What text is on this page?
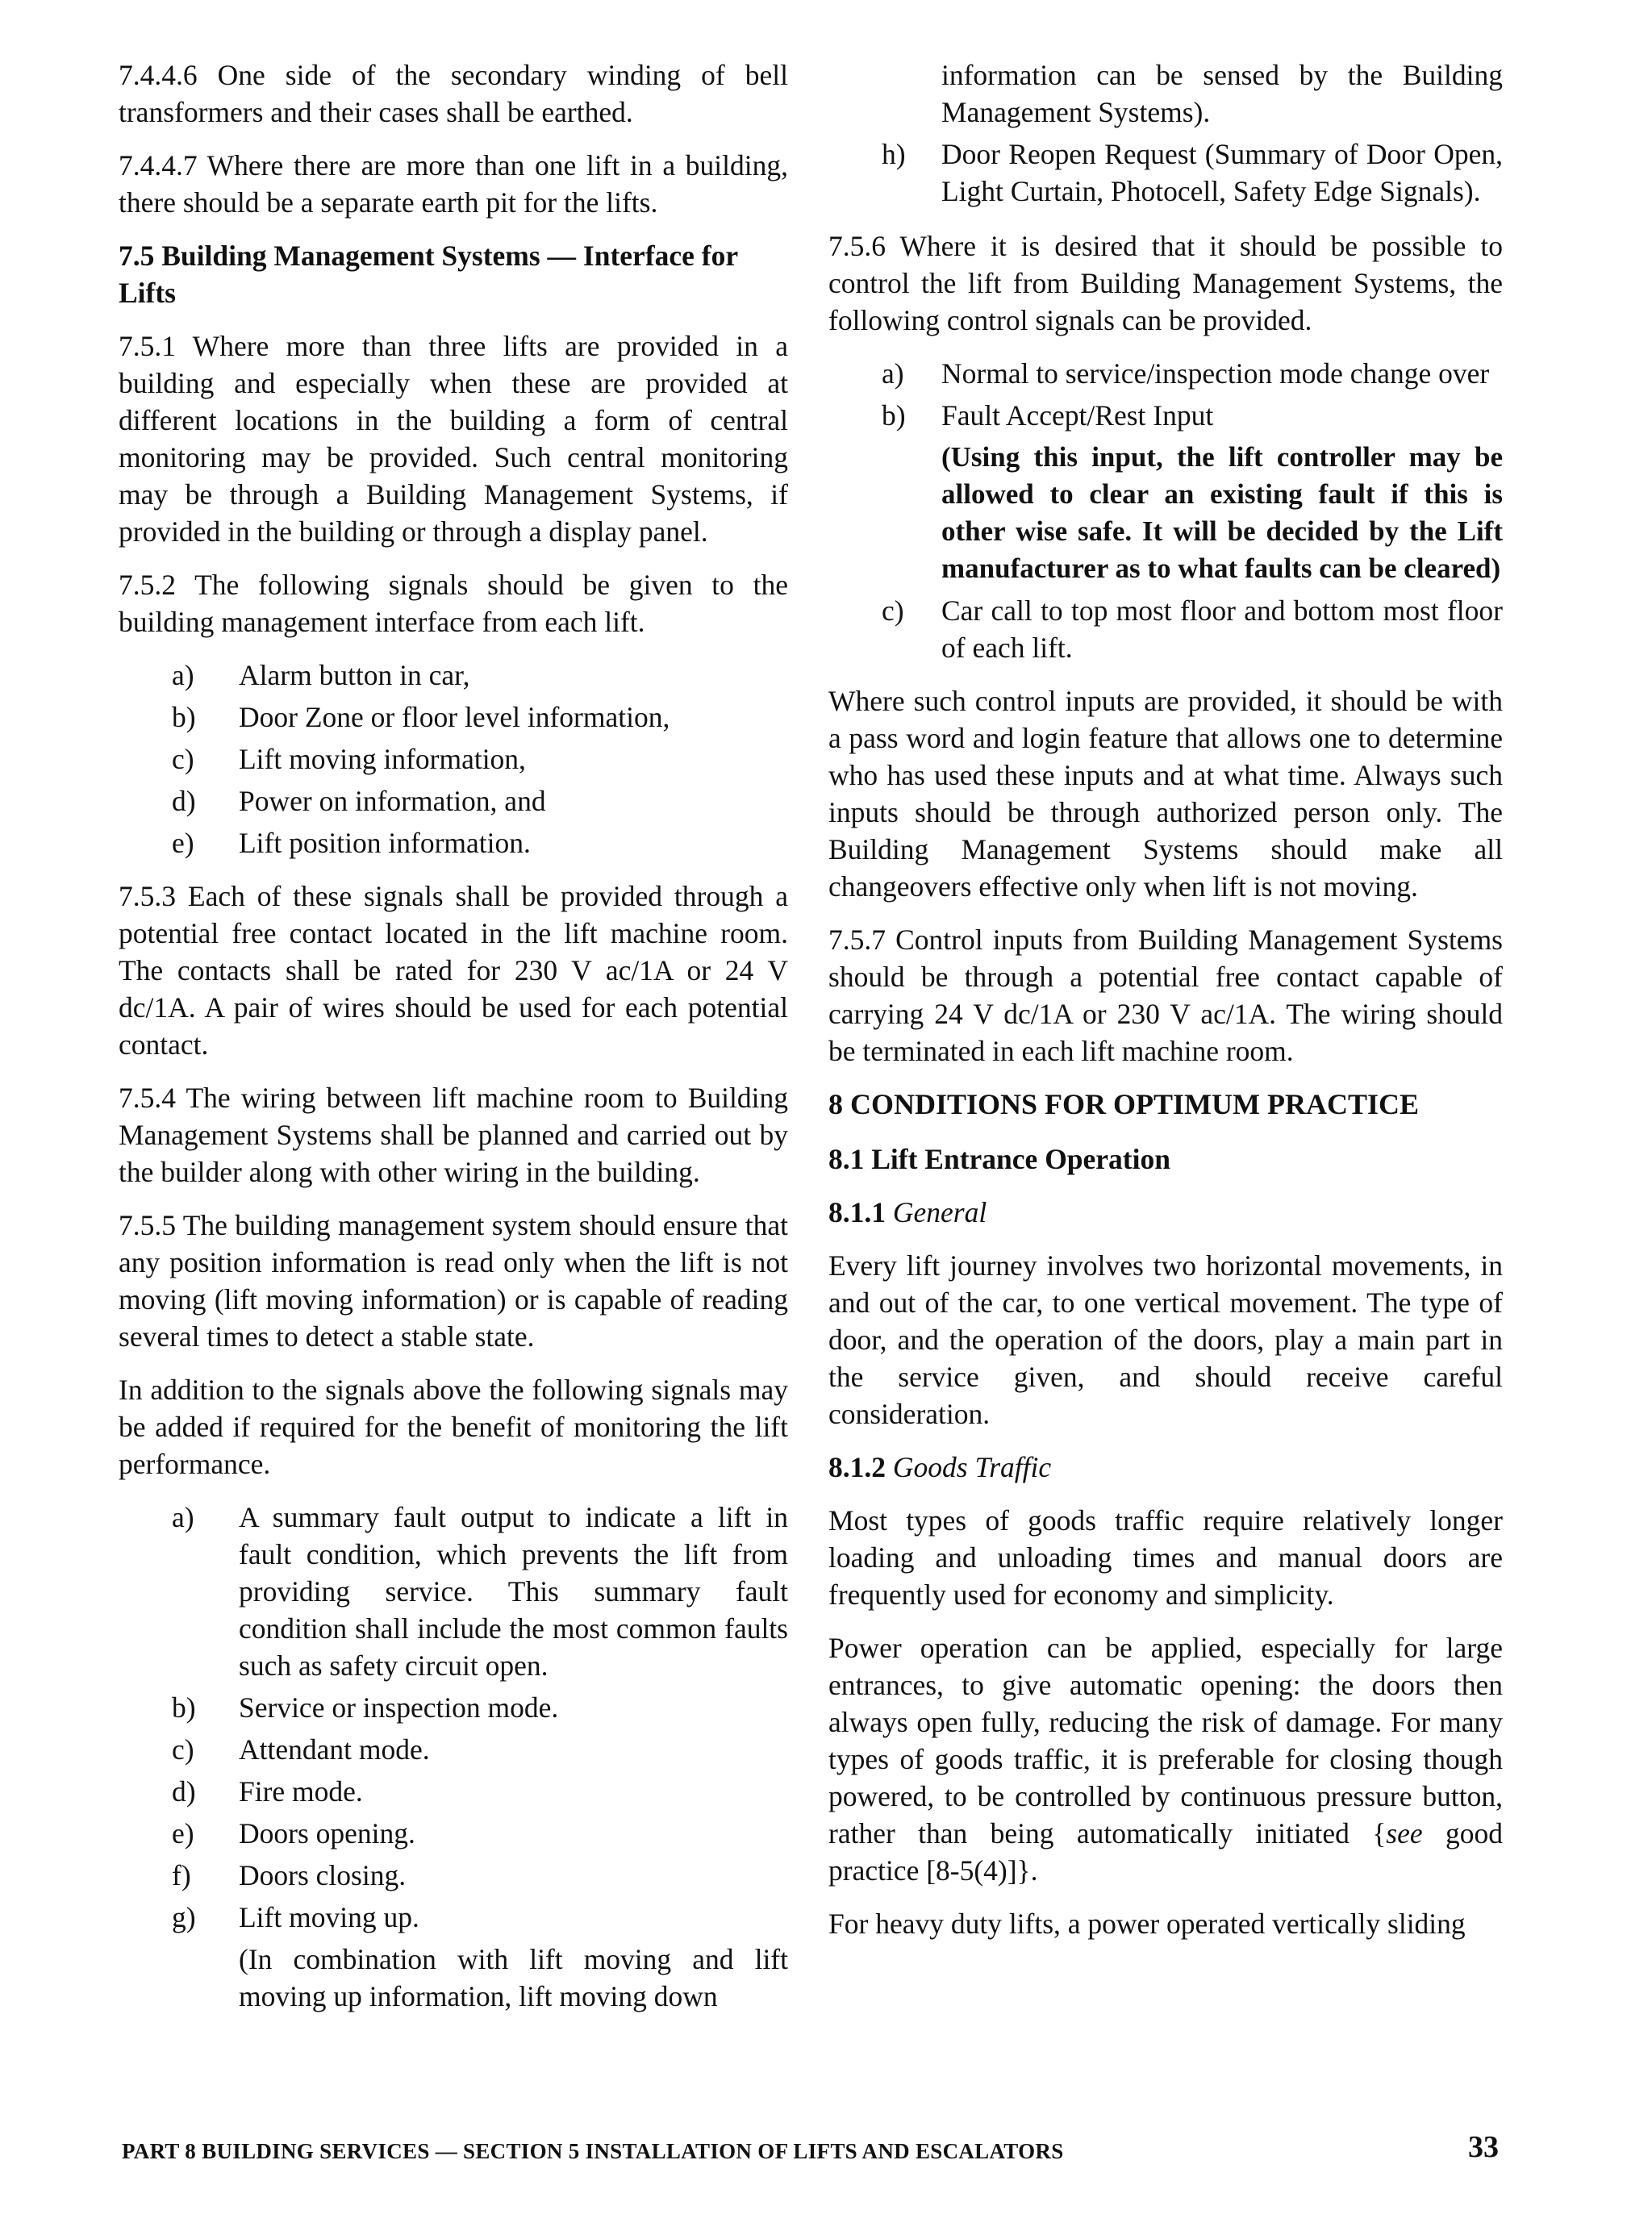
7.4.4.6 One side of the secondary winding of bell transformers and their cases shall be earthed.

7.4.4.7 Where there are more than one lift in a building, there should be a separate earth pit for the lifts.

7.5 Building Management Systems — Interface for Lifts

7.5.1 Where more than three lifts are provided in a building and especially when these are provided at different locations in the building a form of central monitoring may be provided. Such central monitoring may be through a Building Management Systems, if provided in the building or through a display panel.

7.5.2 The following signals should be given to the building management interface from each lift.

a)	Alarm button in car,
b)	Door Zone or floor level information,
c)	Lift moving information,
d)	Power on information, and
e)	Lift position information.

7.5.3 Each of these signals shall be provided through a potential free contact located in the lift machine room. The contacts shall be rated for 230 V ac/1A or 24 V dc/1A. A pair of wires should be used for each potential contact.

7.5.4 The wiring between lift machine room to Building Management Systems shall be planned and carried out by the builder along with other wiring in the building.

7.5.5 The building management system should ensure that any position information is read only when the lift is not moving (lift moving information) or is capable of reading several times to detect a stable state.

In addition to the signals above the following signals may be added if required for the benefit of monitoring the lift performance.

a)	A summary fault output to indicate a lift in fault condition, which prevents the lift from providing service. This summary fault condition shall include the most common faults such as safety circuit open.
b)	Service or inspection mode.
c)	Attendant mode.
d)	Fire mode.
e)	Doors opening.
f)	Doors closing.
g)	Lift moving up.

(In combination with lift moving and lift moving up information, lift moving down

information can be sensed by the Building Management Systems).

h)	Door Reopen Request (Summary of Door Open, Light Curtain, Photocell, Safety Edge Signals).

7.5.6 Where it is desired that it should be possible to control the lift from Building Management Systems, the following control signals can be provided.

a)	Normal to service/inspection mode change over
b)	Fault Accept/Rest Input

(Using this input, the lift controller may be allowed to clear an existing fault if this is other wise safe. It will be decided by the Lift manufacturer as to what faults can be cleared)

c)	Car call to top most floor and bottom most floor of each lift.

Where such control inputs are provided, it should be with a pass word and login feature that allows one to determine who has used these inputs and at what time. Always such inputs should be through authorized person only. The Building Management Systems should make all changeovers effective only when lift is not moving.

7.5.7 Control inputs from Building Management Systems should be through a potential free contact capable of carrying 24 V dc/1A or 230 V ac/1A. The wiring should be terminated in each lift machine room.

8 CONDITIONS FOR OPTIMUM PRACTICE
8.1 Lift Entrance Operation
8.1.1 General

Every lift journey involves two horizontal movements, in and out of the car, to one vertical movement. The type of door, and the operation of the doors, play a main part in the service given, and should receive careful consideration.

8.1.2 Goods Traffic

Most types of goods traffic require relatively longer loading and unloading times and manual doors are frequently used for economy and simplicity.

Power operation can be applied, especially for large entrances, to give automatic opening: the doors then always open fully, reducing the risk of damage. For many types of goods traffic, it is preferable for closing though powered, to be controlled by continuous pressure button, rather than being automatically initiated {see good practice [8-5(4)]}.

For heavy duty lifts, a power operated vertically sliding

PART 8 BUILDING SERVICES — SECTION 5 INSTALLATION OF LIFTS AND ESCALATORS	33
